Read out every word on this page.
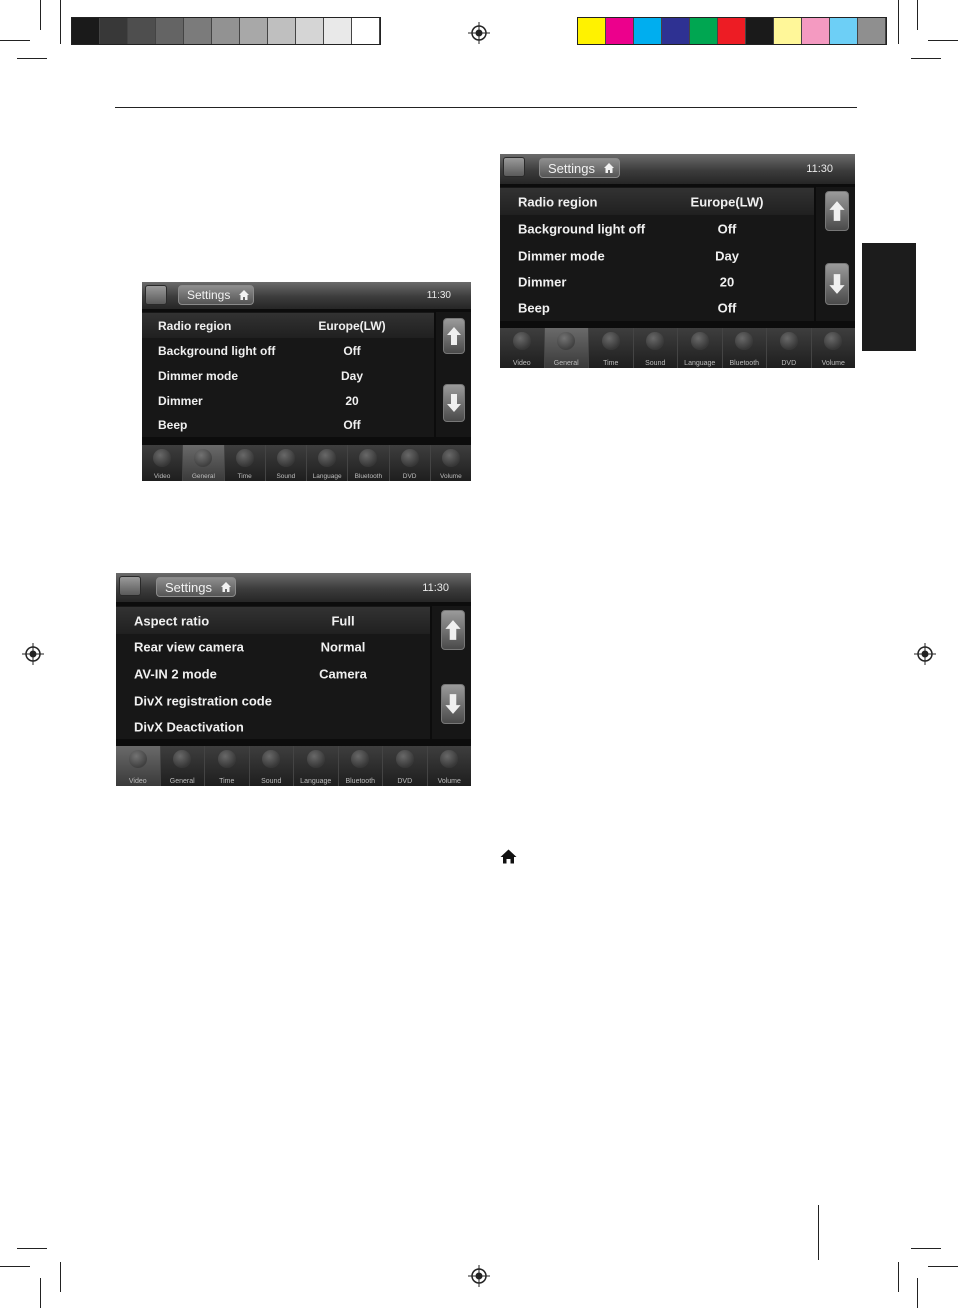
Settings	11:30
Radio region	Europe(LW)
Background light off	Off
Dimmer mode	Day
Dimmer	20
Beep	Off
Video	General	Time	Sound	Language	Bluetooth	DVD	Volume
Settings	11:30
Aspect ratio	Full
Rear view camera	Normal
AV-IN 2 mode	Camera
DivX registration code
DivX Deactivation
Video	General	Time	Sound	Language	Bluetooth	DVD	Volume
Settings	11:30
Radio region	Europe(LW)
Background light off	Off
Dimmer mode	Day
Dimmer	20
Beep	Off
Video	General	Time	Sound	Language	Bluetooth	DVD	Volume
